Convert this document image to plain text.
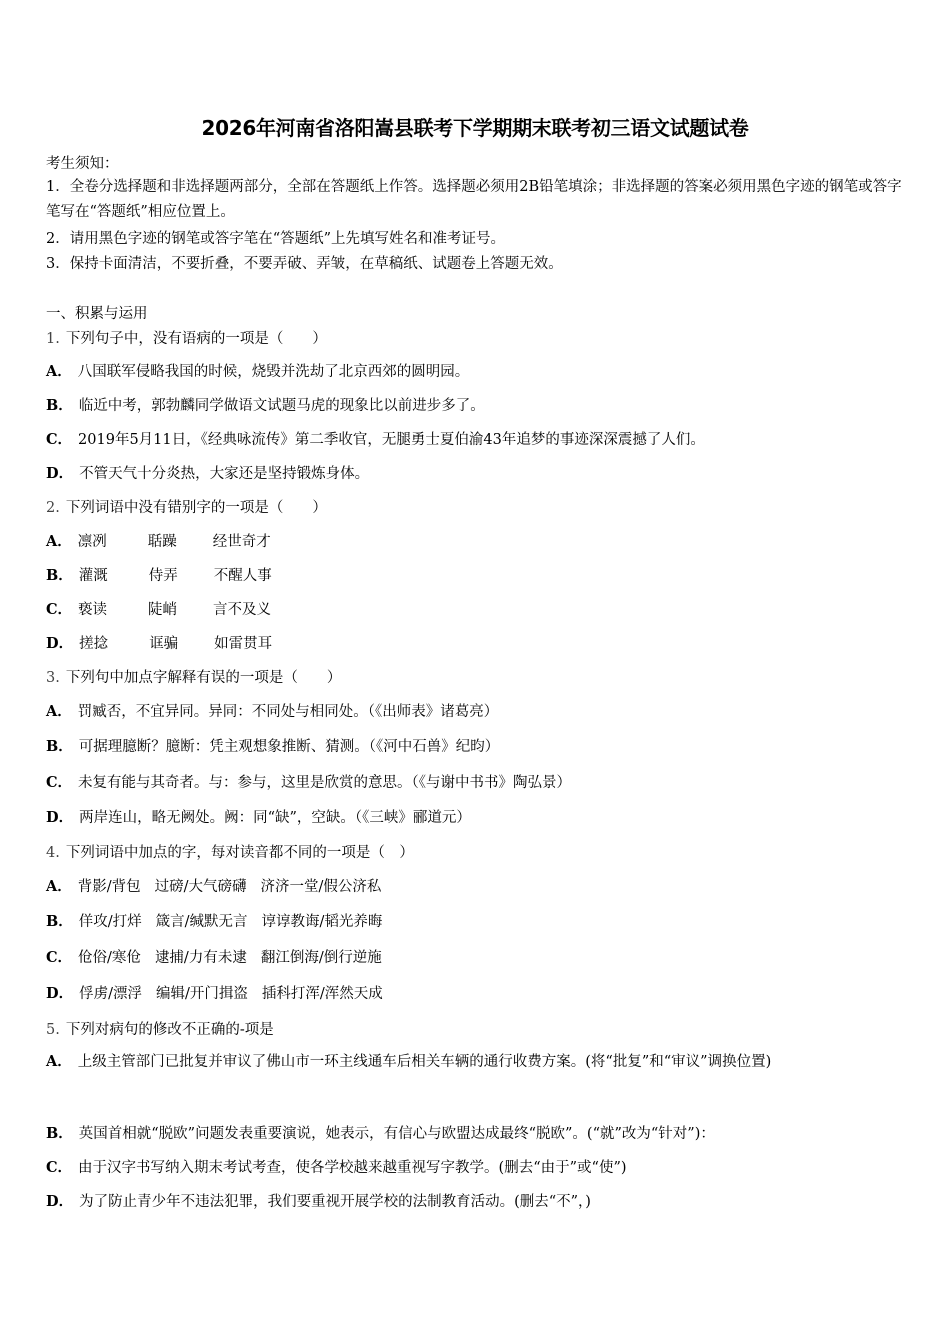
2026年河南省洛阳嵩县联考下学期期末联考初三语文试题试卷
考生须知：
1．全卷分选择题和非选择题两部分，全部在答题纸上作答。选择题必须用2B铅笔填涂；非选择题的答案必须用黑色字迹的钢笔或答字笔写在“答题纸”相应位置上。
2．请用黑色字迹的钢笔或答字笔在“答题纸”上先填写姓名和准考证号。
3．保持卡面清洁，不要折叠，不要弄破、弄皱，在草稿纸、试题卷上答题无效。
一、积累与运用
1. 下列句子中，没有语病的一项是（　　）
A． 八国联军侵略我国的时候，烧毁并洗劫了北京西郊的圆明园。
B． 临近中考，郭勃麟同学做语文试题马虎的现象比以前进步多了。
C． 2019年5月11日，《经典咏流传》第二季收官，无腿勇士夏伯渝43年追梦的事迹深深震撼了人们。
D． 不管天气十分炎热，大家还是坚持锻炼身体。
2. 下列词语中没有错别字的一项是（　　）
A． 凛冽	聒躁 经世奇才
B． 灌溉	侍弄 不醒人事
C． 亵读	陡峭 言不及义
D． 搓捻	诓骗 如雷贯耳
3. 下列句中加点字解释有误的一项是（　　）
A． 罚臧否，不宜异同。异同：不同处与相同处。（《出师表》诸葛亮）
B． 可据理臆断？臆断：凭主观想象推断、猜测。（《河中石兽》纪昀）
C． 未复有能与其奇者。与：参与，这里是欣赏的意思。（《与谢中书书》陶弘景）
D． 两岸连山，略无阙处。阙：同“缺”，空缺。（《三峡》郦道元）
4. 下列词语中加点的字，每对读音都不同的一项是（　）
A． 背影/背包 过磅/大气磅礴 济济一堂/假公济私
B． 佯攻/打烊 箴言/缄默无言 谆谆教诲/韬光养晦
C． 伧俗/寒伧 逮捕/力有未逮 翻江倒海/倒行逆施
D． 俘虏/漂浮 编辑/开门揖盗 插科打浑/浑然天成
5. 下列对病句的修改不正确的-项是
A． 上级主管部门已批复并审议了佛山市一环主线通车后相关车辆的通行收费方案。(将“批复”和“审议”调换位置)
B． 英国首相就“脱欧”问题发表重要演说，她表示，有信心与欧盟达成最终“脱欧”。(“就”改为“针对”)：
C． 由于汉字书写纳入期末考试考查，使各学校越来越重视写字教学。(删去“由于”或“使”)
D． 为了防止青少年不违法犯罪，我们要重视开展学校的法制教育活动。(删去“不”，)
